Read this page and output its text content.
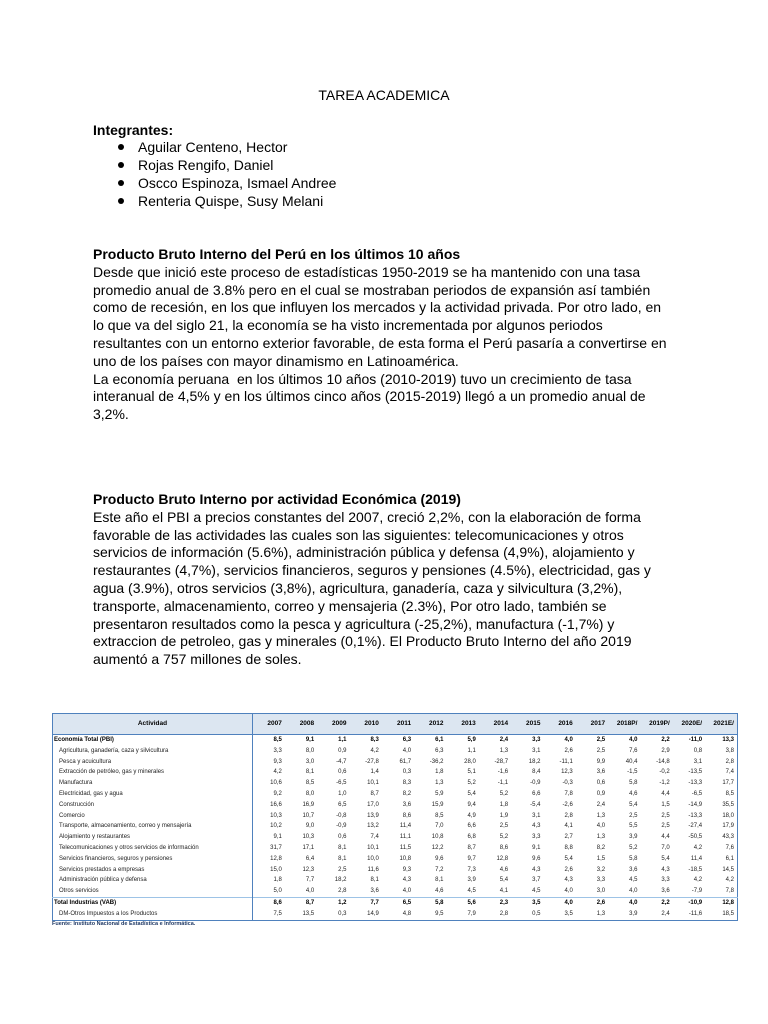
TAREA ACADEMICA
Integrantes:
Aguilar Centeno, Hector
Rojas Rengifo, Daniel
Oscco Espinoza, Ismael Andree
Renteria Quispe, Susy Melani
Producto Bruto Interno del Perú en los últimos 10 años
Desde que inició este proceso de estadísticas 1950-2019 se ha mantenido con una tasa
promedio anual de 3.8% pero en el cual se mostraban periodos de expansión así también
como de recesión, en los que influyen los mercados y la actividad privada. Por otro lado, en
lo que va del siglo 21, la economía se ha visto incrementada por algunos periodos
resultantes con un entorno exterior favorable, de esta forma el Perú pasaría a convertirse en
uno de los países con mayor dinamismo en Latinoamérica.
La economía peruana  en los últimos 10 años (2010-2019) tuvo un crecimiento de tasa
interanual de 4,5% y en los últimos cinco años (2015-2019) llegó a un promedio anual de
3,2%.
Producto Bruto Interno por actividad Económica (2019)
Este año el PBI a precios constantes del 2007, creció 2,2%, con la elaboración de forma
favorable de las actividades las cuales son las siguientes: telecomunicaciones y otros
servicios de información (5.6%), administración pública y defensa (4,9%), alojamiento y
restaurantes (4,7%), servicios financieros, seguros y pensiones (4.5%), electricidad, gas y
agua (3.9%), otros servicios (3,8%), agricultura, ganadería, caza y silvicultura (3,2%),
transporte, almacenamiento, correo y mensajeria (2.3%), Por otro lado, también se
presentaron resultados como la pesca y agricultura (-25,2%), manufactura (-1,7%) y
extraccion de petroleo, gas y minerales (0,1%). El Producto Bruto Interno del año 2019
aumentó a 757 millones de soles.
Actividad	2007	2008	2009	2010	2011	2012	2013	2014	2015	2016	2017	2018P/	2019P/	2020E/	2021E/
Economía Total (PBI)	8,5	9,1	1,1	8,3	6,3	6,1	5,9	2,4	3,3	4,0	2,5	4,0	2,2	-11,0	13,3
Agricultura, ganadería, caza y silvicultura	3,3	8,0	0,9	4,2	4,0	6,3	1,1	1,3	3,1	2,6	2,5	7,6	2,9	0,8	3,8
Pesca y acuicultura	9,3	3,0	-4,7	-27,8	61,7	-36,2	28,0	-28,7	18,2	-11,1	9,9	40,4	-14,8	3,1	2,8
Extracción de petróleo, gas y minerales	4,2	8,1	0,6	1,4	0,3	1,8	5,1	-1,6	8,4	12,3	3,6	-1,5	-0,2	-13,5	7,4
Manufactura	10,6	8,5	-6,5	10,1	8,3	1,3	5,2	-1,1	-0,9	-0,3	0,6	5,8	-1,2	-13,3	17,7
Electricidad, gas y agua	9,2	8,0	1,0	8,7	8,2	5,9	5,4	5,2	6,6	7,8	0,9	4,6	4,4	-6,5	8,5
Construcción	16,6	16,9	6,5	17,0	3,6	15,9	9,4	1,8	-5,4	-2,6	2,4	5,4	1,5	-14,9	35,5
Comercio	10,3	10,7	-0,8	13,9	8,6	8,5	4,9	1,9	3,1	2,8	1,3	2,5	2,5	-13,3	18,0
Transporte, almacenamiento, correo y mensajería	10,2	9,0	-0,9	13,2	11,4	7,0	6,6	2,5	4,3	4,1	4,0	5,5	2,5	-27,4	17,9
Alojamiento y restaurantes	9,1	10,3	0,6	7,4	11,1	10,8	6,8	5,2	3,3	2,7	1,3	3,9	4,4	-50,5	43,3
Telecomunicaciones y otros servicios de información	31,7	17,1	8,1	10,1	11,5	12,2	8,7	8,6	9,1	8,8	8,2	5,2	7,0	4,2	7,6
Servicios financieros, seguros y pensiones	12,8	6,4	8,1	10,0	10,8	9,6	9,7	12,8	9,6	5,4	1,5	5,8	5,4	11,4	6,1
Servicios prestados a empresas	15,0	12,3	2,5	11,6	9,3	7,2	7,3	4,6	4,3	2,6	3,2	3,6	4,3	-18,5	14,5
Administración pública y defensa	1,8	7,7	18,2	8,1	4,3	8,1	3,9	5,4	3,7	4,3	3,3	4,5	3,3	4,2	4,2
Otros servicios	5,0	4,0	2,8	3,6	4,0	4,6	4,5	4,1	4,5	4,0	3,0	4,0	3,6	-7,9	7,8
Total Industrias (VAB)	8,6	8,7	1,2	7,7	6,5	5,8	5,6	2,3	3,5	4,0	2,6	4,0	2,2	-10,9	12,8
DM-Otros Impuestos a los Productos	7,5	13,5	0,3	14,9	4,8	9,5	7,9	2,8	0,5	3,5	1,3	3,9	2,4	-11,6	18,5
Fuente: Instituto Nacional de Estadística e Informática.
